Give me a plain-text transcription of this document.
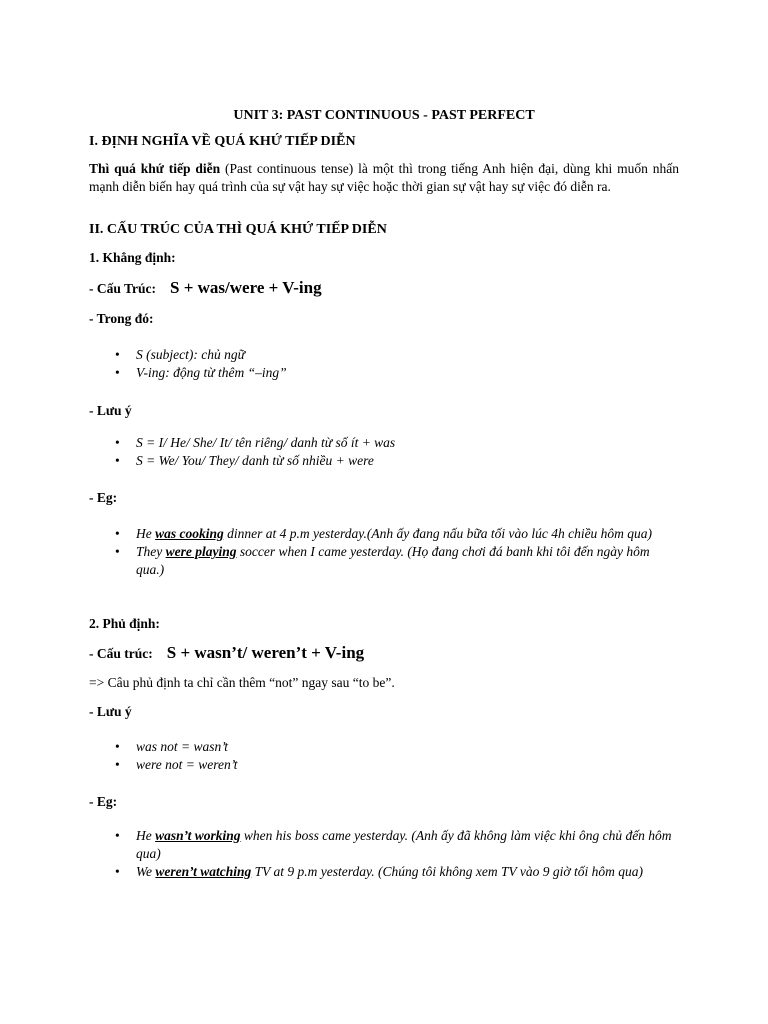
UNIT 3: PAST CONTINUOUS - PAST PERFECT
I. ĐỊNH NGHĨA VỀ QUÁ KHỨ TIẾP DIỄN
Thì quá khứ tiếp diễn (Past continuous tense) là một thì trong tiếng Anh hiện đại, dùng khi muốn nhấn mạnh diễn biến hay quá trình của sự vật hay sự việc hoặc thời gian sự vật hay sự việc đó diễn ra.
II. CẤU TRÚC CỦA THÌ QUÁ KHỨ TIẾP DIỄN
1. Khẳng định:
- Cấu Trúc: S + was/were + V-ing
- Trong đó:
• S (subject): chủ ngữ
• V-ing: động từ thêm “–ing”
- Lưu ý
• S = I/ He/ She/ It/ tên riêng/ danh từ số ít + was
• S = We/ You/ They/ danh từ số nhiều + were
- Eg:
• He was cooking dinner at 4 p.m yesterday.(Anh ấy đang nấu bữa tối vào lúc 4h chiều hôm qua)
• They were playing soccer when I came yesterday. (Họ đang chơi đá banh khi tôi đến ngày hôm qua.)
2. Phủ định:
- Cấu trúc: S + wasn’t/ weren’t + V-ing
=> Câu phủ định ta chỉ cần thêm “not” ngay sau “to be”.
- Lưu ý
• was not = wasn’t
• were not = weren’t
- Eg:
• He wasn’t working when his boss came yesterday. (Anh ấy đã không làm việc khi ông chủ đến hôm qua)
• We weren’t watching TV at 9 p.m yesterday. (Chúng tôi không xem TV vào 9 giờ tối hôm qua)
